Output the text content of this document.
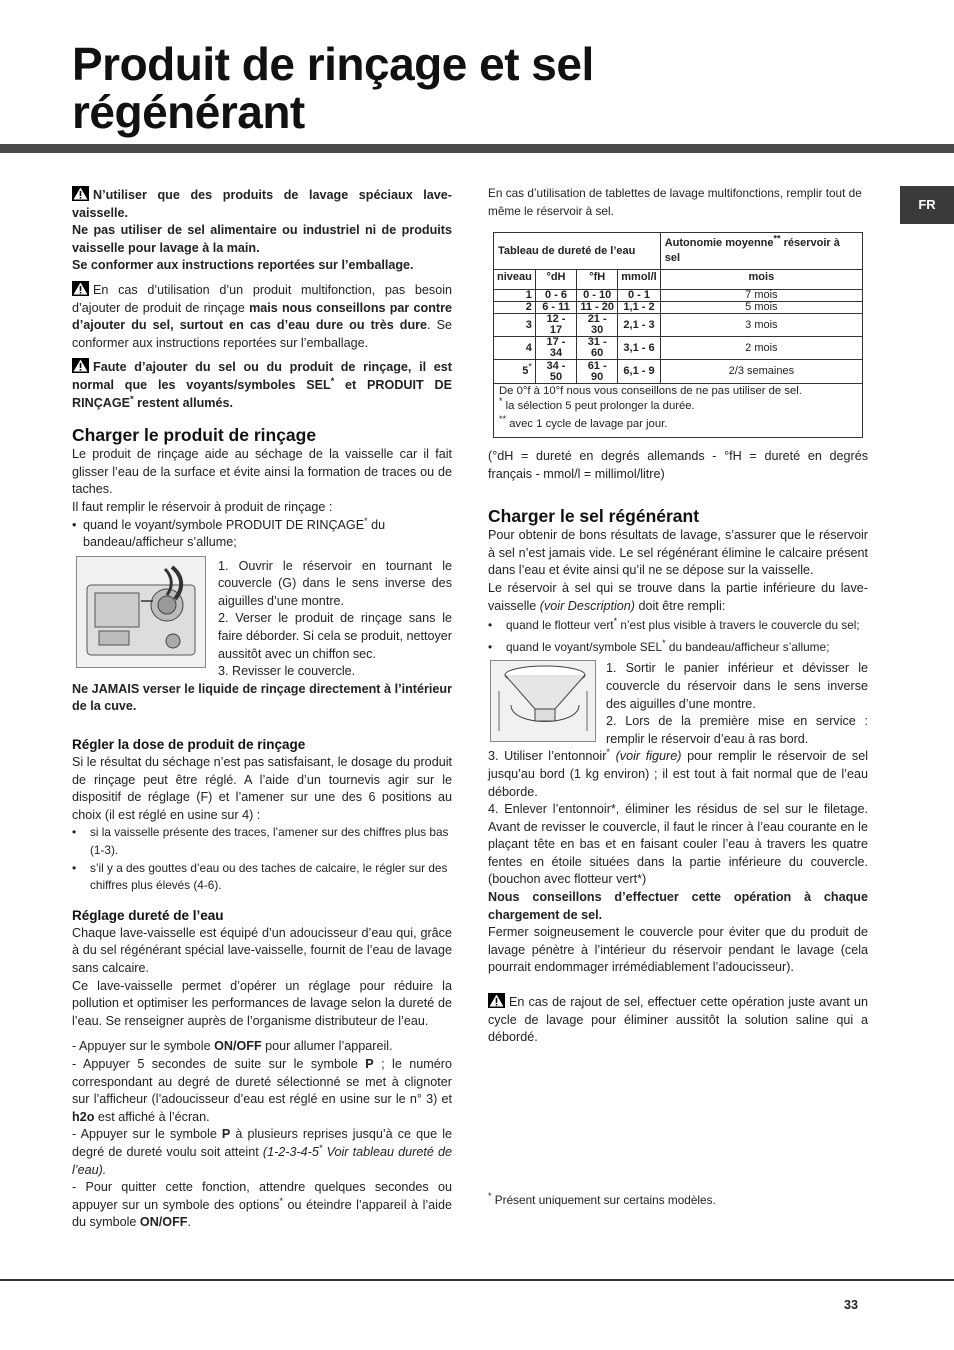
Produit de rinçage et sel
régénérant
FR

N’utiliser que des produits de lavage spéciaux lave-vaisselle.
Ne pas utiliser de sel alimentaire ou industriel ni de produits vaisselle pour lavage à la main.
Se conformer aux instructions reportées sur l’emballage.

En cas d’utilisation d’un produit multifonction, pas besoin d’ajouter de produit de rinçage mais nous conseillons par contre d’ajouter du sel, surtout en cas d’eau dure ou très dure. Se conformer aux instructions reportées sur l’emballage.

Faute d’ajouter du sel ou du produit de rinçage, il est normal que les voyants/symboles SEL* et PRODUIT DE RINÇAGE* restent allumés.

Charger le produit de rinçage

Le produit de rinçage aide au séchage de la vaisselle car il fait glisser l’eau de la surface et évite ainsi la formation de traces ou de taches.

Il faut remplir le réservoir à produit de rinçage :

• quand le voyant/symbole PRODUIT DE RINÇAGE* du bandeau/afficheur s’allume;

1. Ouvrir le réservoir en tournant le couvercle (G) dans le sens inverse des aiguilles d’une montre.

2. Verser le produit de rinçage sans le faire déborder. Si cela se produit, nettoyer aussitôt avec un chiffon sec.

3. Revisser le couvercle.

Ne JAMAIS verser le liquide de rinçage directement à l’intérieur de la cuve.

Régler la dose de produit de rinçage

Si le résultat du séchage n’est pas satisfaisant, le dosage du produit de rinçage peut être réglé. A l’aide d’un tournevis agir sur le dispositif de réglage (F) et l’amener sur une des 6 positions au choix (il est réglé en usine sur 4) :

• si la vaisselle présente des traces, l’amener sur des chiffres plus bas (1-3).
• s’il y a des gouttes d’eau ou des taches de calcaire, le régler sur des chiffres plus élevés (4-6).
Réglage dureté de l’eau

Chaque lave-vaisselle est équipé d’un adoucisseur d’eau qui, grâce à du sel régénérant spécial lave-vaisselle, fournit de l’eau de lavage sans calcaire.

Ce lave-vaisselle permet d’opérer un réglage pour réduire la pollution et optimiser les performances de lavage selon la dureté de l’eau. Se renseigner auprès de l’organisme distributeur de l’eau.

- Appuyer sur le symbole ON/OFF pour allumer l’appareil.

- Appuyer 5 secondes de suite sur le symbole P ; le numéro correspondant au degré de dureté sélectionné se met à clignoter sur l’afficheur (l’adoucisseur d’eau est réglé en usine sur le n° 3) et h2o est affiché à l’écran.

- Appuyer sur le symbole P à plusieurs reprises jusqu’à ce que le degré de dureté voulu soit atteint (1-2-3-4-5* Voir tableau dureté de l’eau).

- Pour quitter cette fonction, attendre quelques secondes ou appuyer sur un symbole des options* ou éteindre l’appareil à l’aide du symbole ON/OFF.

En cas d’utilisation de tablettes de lavage multifonctions, remplir tout de même le réservoir à sel.

Tableau de dureté de l’eau				Autonomie moyenne** réservoir à sel
niveau	°dH	°fH	mmol/l	mois
1	0 - 6	0 - 10	0 - 1	7 mois
2	6 - 11	11 - 20	1,1 - 2	5 mois
3	12 - 17	21 - 30	2,1 - 3	3 mois
4	17 - 34	31 - 60	3,1 - 6	2 mois
5*	34 - 50	61 - 90	6,1 - 9	2/3 semaines
De 0°f à 10°f nous vous conseillons de ne pas utiliser de sel.
* la sélection 5 peut prolonger la durée.
** avec 1 cycle de lavage par jour.

(°dH = dureté en degrés allemands - °fH = dureté en degrés français - mmol/l = millimol/litre)

Charger le sel régénérant

Pour obtenir de bons résultats de lavage, s’assurer que le réservoir à sel n’est jamais vide. Le sel régénérant élimine le calcaire présent dans l’eau et évite ainsi qu’il ne se dépose sur la vaisselle.

Le réservoir à sel qui se trouve dans la partie inférieure du lave-vaisselle (voir Description) doit être rempli:

• quand le flotteur vert* n’est plus visible à travers le couvercle du sel;
• quand le voyant/symbole SEL* du bandeau/afficheur s’allume;

1. Sortir le panier inférieur et dévisser le couvercle du réservoir dans le sens inverse des aiguilles d’une montre.

2. Lors de la première mise en service : remplir le réservoir d’eau à ras bord.

3. Utiliser l’entonnoir* (voir figure) pour remplir le réservoir de sel jusqu’au bord (1 kg environ) ; il est tout à fait normal que de l’eau déborde.

4. Enlever l’entonnoir*, éliminer les résidus de sel sur le filetage. Avant de revisser le couvercle, il faut le rincer à l’eau courante en le plaçant tête en bas et en faisant couler l’eau à travers les quatre fentes en étoile situées dans la partie inférieure du couvercle. (bouchon avec flotteur vert*)

Nous conseillons d’effectuer cette opération à chaque chargement de sel.

Fermer soigneusement le couvercle pour éviter que du produit de lavage pénètre à l’intérieur du réservoir pendant le lavage (cela pourrait endommager irrémédiablement l’adoucisseur).

En cas de rajout de sel, effectuer cette opération juste avant un cycle de lavage pour éliminer aussitôt la solution saline qui a débordé.

* Présent uniquement sur certains modèles.
33
